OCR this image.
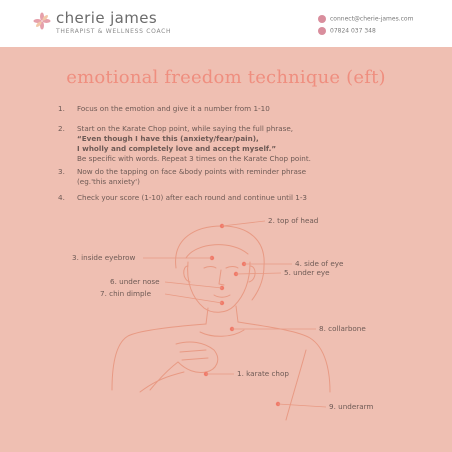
cherie james
THERAPIST & WELLNESS COACH
connect@cherie-james.com
07824 037 348
emotional freedom technique (eft)
1. Focus on the emotion and give it a number from 1-10
2. Start on the Karate Chop point, while saying the full phrase,
“Even though I have this (anxiety/fear/pain),
I wholly and completely love and accept myself.”
Be specific with words. Repeat 3 times on the Karate Chop point.
3. Now do the tapping on face &body points with reminder phrase
(eg.'this anxiety')
4. Check your score (1-10) after each round and continue until 1-3
2. top of head
3. inside eyebrow
4. side of eye
5. under eye
6. under nose
7. chin dimple
8. collarbone
1. karate chop
9. underarm
